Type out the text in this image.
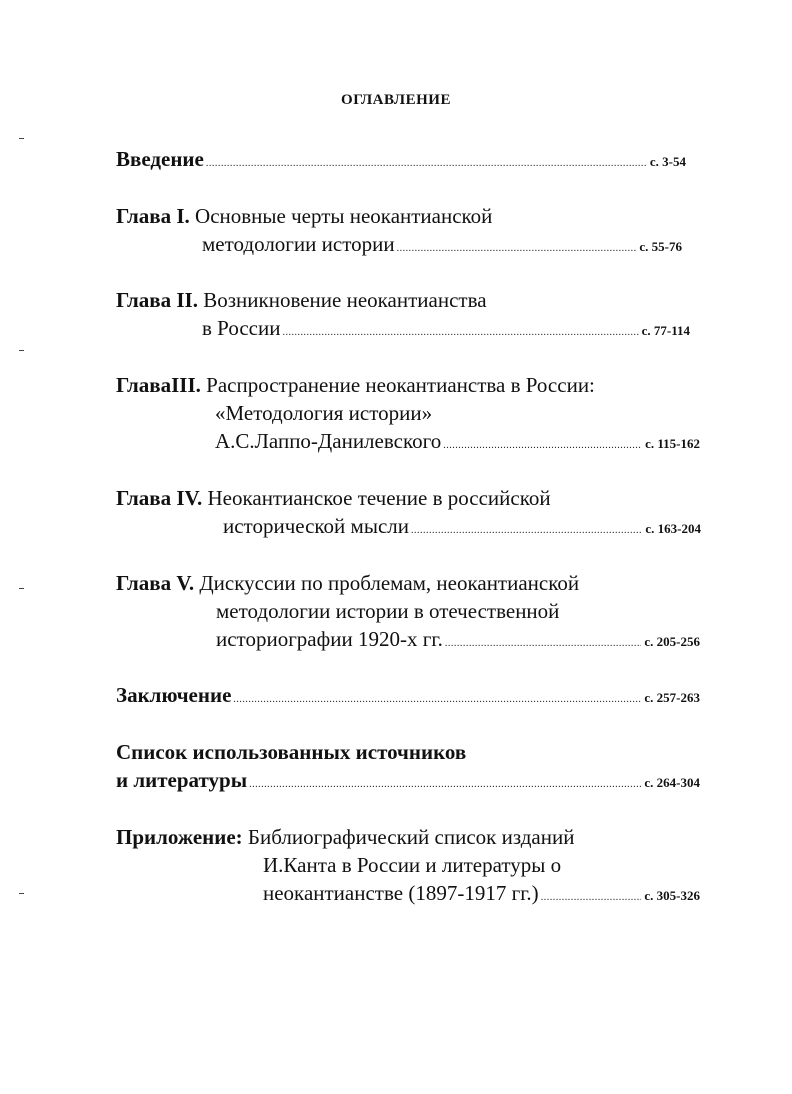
ОГЛАВЛЕНИЕ
Введение .....	с. 3-54
Глава I.
Основные черты неокантианской
методологии истории .....	с. 55-76
Глава II.
Возникновение неокантианства
в России .....	с. 77-114
ГлаваIII.
Распространение неокантианства в России:
«Методология истории»
А.С.Лаппо-Данилевского .....	с. 115-162
Глава IV.
Неокантианское течение в российской
исторической мысли .....	с. 163-204
Глава V.
Дискуссии по проблемам, неокантианской
методологии истории в отечественной
историографии 1920-х гг. .....	с. 205-256
Заключение .....	с. 257-263
Список использованных источников
и литературы .....	с. 264-304
Приложение:
Библиографический список изданий
И.Канта в России и литературы о
неокантианстве (1897-1917 гг.) .....	с. 305-326
